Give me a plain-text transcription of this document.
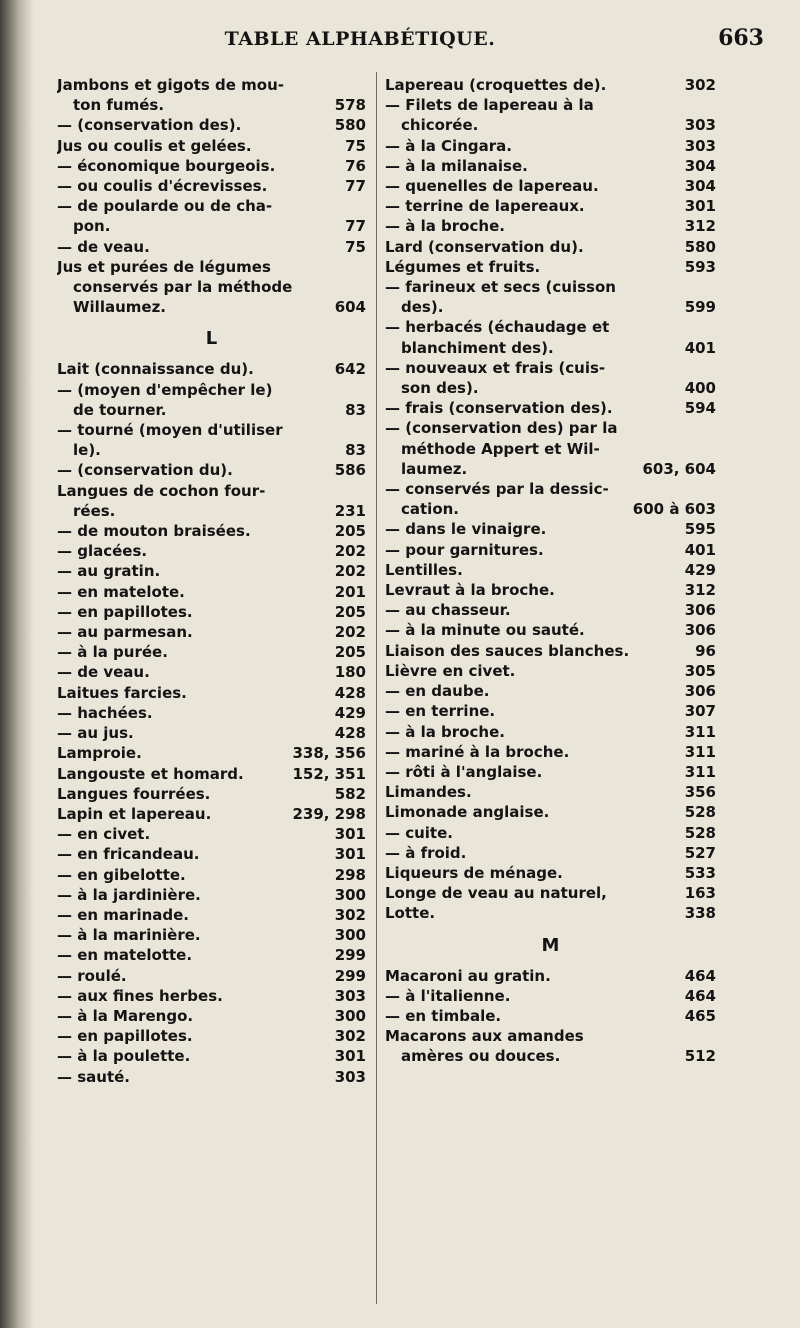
TABLE ALPHABÉTIQUE.	663
Jambons et gigots de mou-
ton fumés.	578
— (conservation des).	580
Jus ou coulis et gelées.	75
— économique bourgeois.	76
— ou coulis d'écrevisses.	77
— de poularde ou de cha-
pon.	77
— de veau.	75
Jus et purées de légumes
conservés par la méthode
Willaumez.	604
L
Lait (connaissance du).	642
— (moyen d'empêcher le)
de tourner.	83
— tourné (moyen d'utiliser
le).	83
— (conservation du).	586
Langues de cochon four-
rées.	231
— de mouton braisées.	205
— glacées.	202
— au gratin.	202
— en matelote.	201
— en papillotes.	205
— au parmesan.	202
— à la purée.	205
— de veau.	180
Laitues farcies.	428
— hachées.	429
— au jus.	428
Lamproie.	338, 356
Langouste et homard.	152, 351
Langues fourrées.	582
Lapin et lapereau.	239, 298
— en civet.	301
— en fricandeau.	301
— en gibelotte.	298
— à la jardinière.	300
— en marinade.	302
— à la marinière.	300
— en matelotte.	299
— roulé.	299
— aux fines herbes.	303
— à la Marengo.	300
— en papillotes.	302
— à la poulette.	301
— sauté.	303
Lapereau (croquettes de).	302
— Filets de lapereau à la
chicorée.	303
— à la Cingara.	303
— à la milanaise.	304
— quenelles de lapereau.	304
— terrine de lapereaux.	301
— à la broche.	312
Lard (conservation du).	580
Légumes et fruits.	593
— farineux et secs (cuisson
des).	599
— herbacés (échaudage et
blanchiment des).	401
— nouveaux et frais (cuis-
son des).	400
— frais (conservation des).	594
— (conservation des) par la
méthode Appert et Wil-
laumez.	603, 604
— conservés par la dessic-
cation.	600 à 603
— dans le vinaigre.	595
— pour garnitures.	401
Lentilles.	429
Levraut à la broche.	312
— au chasseur.	306
— à la minute ou sauté.	306
Liaison des sauces blanches.	96
Lièvre en civet.	305
— en daube.	306
— en terrine.	307
— à la broche.	311
— mariné à la broche.	311
— rôti à l'anglaise.	311
Limandes.	356
Limonade anglaise.	528
— cuite.	528
— à froid.	527
Liqueurs de ménage.	533
Longe de veau au naturel,	163
Lotte.	338
M
Macaroni au gratin.	464
— à l'italienne.	464
— en timbale.	465
Macarons aux amandes
amères ou douces.	512
